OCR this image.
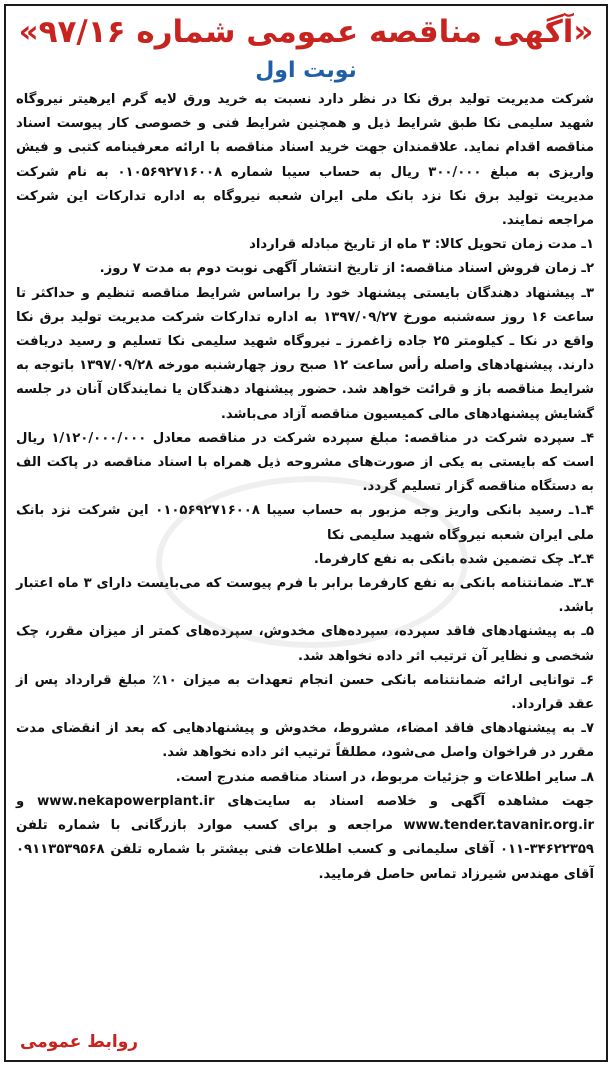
«آگهی مناقصه عمومی شماره ۹۷/۱۶»
نوبت اول

شرکت مدیریت تولید برق نکا در نظر دارد نسبت به خرید ورق لایه گرم ایرهیتر نیروگاه شهید سلیمی نکا طبق شرایط ذیل و همچنین شرایط فنی و خصوصی کار پیوست اسناد مناقصه اقدام نماید. علاقمندان جهت خرید اسناد مناقصه با ارائه معرفینامه کتبی و فیش واریزی به مبلغ ۳۰۰/۰۰۰ ریال به حساب سیبا شماره ۰۱۰۵۶۹۲۷۱۶۰۰۸ به نام شرکت مدیریت تولید برق نکا نزد بانک ملی ایران شعبه نیروگاه به اداره تدارکات این شرکت مراجعه نمایند.

۱ـ مدت زمان تحویل کالا: ۳ ماه از تاریخ مبادله قرارداد

۲ـ زمان فروش اسناد مناقصه: از تاریخ انتشار آگهی نوبت دوم به مدت ۷ روز.

۳ـ پیشنهاد دهندگان بایستی پیشنهاد خود را براساس شرایط مناقصه تنظیم و حداکثر تا ساعت ۱۶ روز سه‌شنبه مورخ ۱۳۹۷/۰۹/۲۷ به اداره تدارکات شرکت مدیریت تولید برق نکا واقع در نکا ـ کیلومتر ۲۵ جاده زاغمرز ـ نیروگاه شهید سلیمی نکا تسلیم و رسید دریافت دارند. پیشنهادهای واصله رأس ساعت ۱۲ صبح روز چهارشنبه مورخه ۱۳۹۷/۰۹/۲۸ باتوجه به شرایط مناقصه باز و قرائت خواهد شد. حضور پیشنهاد دهندگان یا نمایندگان آنان در جلسه گشایش پیشنهادهای مالی کمیسیون مناقصه آزاد می‌باشد.

۴ـ سپرده شرکت در مناقصه: مبلغ سپرده شرکت در مناقصه معادل ۱/۱۲۰/۰۰۰/۰۰۰ ریال است که بایستی به یکی از صورت‌های مشروحه ذیل همراه با اسناد مناقصه در پاکت الف به دستگاه مناقصه گزار تسلیم گردد.

۴ـ۱ـ رسید بانکی واریز وجه مزبور به حساب سیبا ۰۱۰۵۶۹۲۷۱۶۰۰۸ این شرکت نزد بانک ملی ایران شعبه نیروگاه شهید سلیمی نکا

۴ـ۲ـ چک تضمین شده بانکی به نفع کارفرما.

۴ـ۳ـ ضمانتنامه بانکی به نفع کارفرما برابر با فرم پیوست که می‌بایست دارای ۳ ماه اعتبار باشد.

۵ـ به پیشنهادهای فاقد سپرده، سپرده‌های مخدوش، سپرده‌های کمتر از میزان مقرر، چک شخصی و نظایر آن ترتیب اثر داده نخواهد شد.

۶ـ توانایی ارائه ضمانتنامه بانکی حسن انجام تعهدات به میزان ۱۰٪ مبلغ قرارداد پس از عقد قرارداد.

۷ـ به پیشنهادهای فاقد امضاء، مشروط، مخدوش و پیشنهادهایی که بعد از انقضای مدت مقرر در فراخوان واصل می‌شود، مطلقاً ترتیب اثر داده نخواهد شد.

۸ـ سایر اطلاعات و جزئیات مربوط، در اسناد مناقصه مندرج است.

جهت مشاهده آگهی و خلاصه اسناد به سایت‌های www.nekapowerplant.ir و www.tender.tavanir.org.ir مراجعه و برای کسب موارد بازرگانی با شماره تلفن ۳۴۶۲۲۳۵۹-۰۱۱ آقای سلیمانی و کسب اطلاعات فنی بیشتر با شماره تلفن ۰۹۱۱۳۵۳۹۵۶۸ آقای مهندس شیرزاد تماس حاصل فرمایید.

روابط عمومی
